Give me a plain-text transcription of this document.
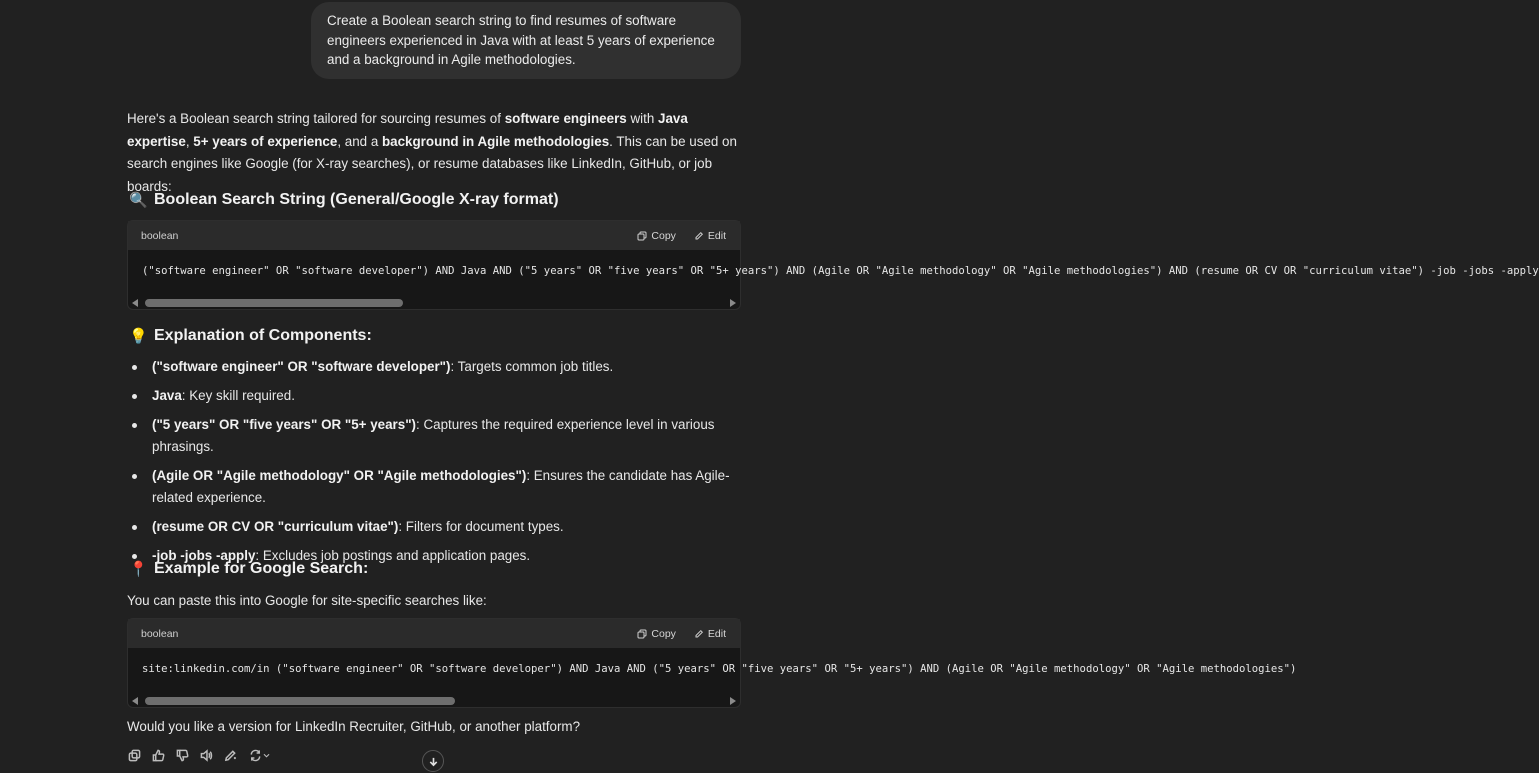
Create a Boolean search string to find resumes of software engineers experienced in Java with at least 5 years of experience and a background in Agile methodologies.

Here's a Boolean search string tailored for sourcing resumes of software engineers with Java expertise, 5+ years of experience, and a background in Agile methodologies. This can be used on search engines like Google (for X-ray searches), or resume databases like LinkedIn, GitHub, or job boards:

🔍 Boolean Search String (General/Google X-ray format)
boolean	Copy	Edit
("software engineer" OR "software developer") AND Java AND ("5 years" OR "five years" OR "5+ years") AND (Agile OR "Agile methodology" OR "Agile methodologies") AND (resume OR CV OR "curriculum vitae") -job -jobs -apply
💡 Explanation of Components:
("software engineer" OR "software developer"): Targets common job titles.
Java: Key skill required.
("5 years" OR "five years" OR "5+ years"): Captures the required experience level in various phrasings.
(Agile OR "Agile methodology" OR "Agile methodologies"): Ensures the candidate has Agile-related experience.
(resume OR CV OR "curriculum vitae"): Filters for document types.
-job -jobs -apply: Excludes job postings and application pages.
📍 Example for Google Search:
You can paste this into Google for site-specific searches like:
boolean	Copy	Edit
site:linkedin.com/in ("software engineer" OR "software developer") AND Java AND ("5 years" OR "five years" OR "5+ years") AND (Agile OR "Agile methodology" OR "Agile methodologies")
Would you like a version for LinkedIn Recruiter, GitHub, or another platform?
